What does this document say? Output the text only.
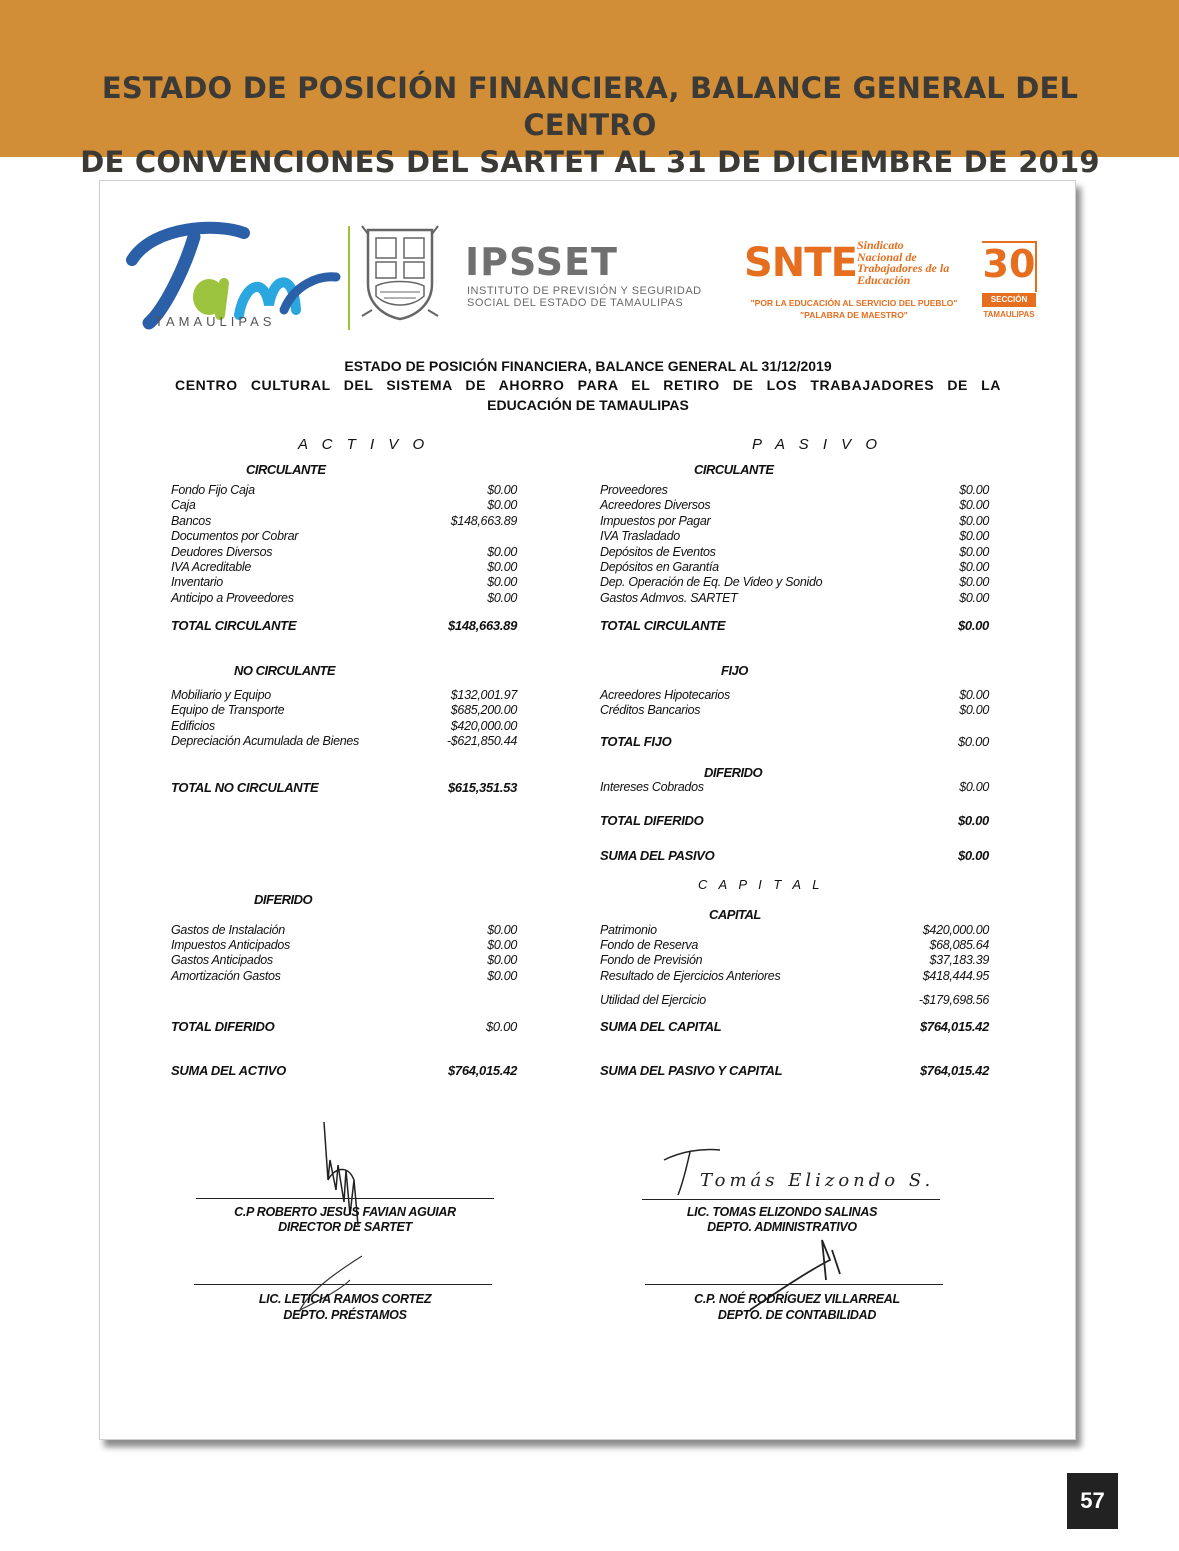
ESTADO DE POSICIÓN FINANCIERA, BALANCE GENERAL DEL CENTRO
DE CONVENCIONES DEL SARTET AL 31 DE DICIEMBRE DE 2019
TAMAULIPAS
IPSSET
INSTITUTO DE PREVISIÓN Y SEGURIDAD
SOCIAL DEL ESTADO DE TAMAULIPAS
SNTE Sindicato
Nacional de
Trabajadores de la
Educación
"POR LA EDUCACIÓN AL SERVICIO DEL PUEBLO"
"PALABRA DE MAESTRO"
30
SECCIÓN
TAMAULIPAS
ESTADO DE POSICIÓN FINANCIERA, BALANCE GENERAL AL 31/12/2019
CENTRO CULTURAL DEL SISTEMA DE AHORRO PARA EL RETIRO DE LOS TRABAJADORES DE LA
EDUCACIÓN DE TAMAULIPAS
A C T I V O
CIRCULANTE
Fondo Fijo Caja	$0.00
Caja	$0.00
Bancos	$148,663.89
Documentos por Cobrar
Deudores Diversos	$0.00
IVA Acreditable	$0.00
Inventario	$0.00
Anticipo a Proveedores	$0.00
TOTAL CIRCULANTE	$148,663.89
NO CIRCULANTE
Mobiliario y Equipo	$132,001.97
Equipo de Transporte	$685,200.00
Edificios	$420,000.00
Depreciación Acumulada de Bienes	-$621,850.44
TOTAL NO CIRCULANTE	$615,351.53
DIFERIDO
Gastos de Instalación	$0.00
Impuestos Anticipados	$0.00
Gastos Anticipados	$0.00
Amortización Gastos	$0.00
TOTAL DIFERIDO	$0.00
SUMA DEL ACTIVO	$764,015.42
P A S I V O
CIRCULANTE
Proveedores	$0.00
Acreedores Diversos	$0.00
Impuestos por Pagar	$0.00
IVA Trasladado	$0.00
Depósitos de Eventos	$0.00
Depósitos en Garantía	$0.00
Dep. Operación de Eq. De Video y Sonido	$0.00
Gastos Admvos. SARTET	$0.00
TOTAL CIRCULANTE	$0.00
FIJO
Acreedores Hipotecarios	$0.00
Créditos Bancarios	$0.00
TOTAL FIJO	$0.00
DIFERIDO
Intereses Cobrados	$0.00
TOTAL DIFERIDO	$0.00
SUMA DEL PASIVO	$0.00
C A P I T A L
CAPITAL
Patrimonio	$420,000.00
Fondo de Reserva	$68,085.64
Fondo de Previsión	$37,183.39
Resultado de Ejercicios Anteriores	$418,444.95
Utilidad del Ejercicio	-$179,698.56
SUMA DEL CAPITAL	$764,015.42
SUMA DEL PASIVO Y CAPITAL	$764,015.42
C.P ROBERTO JESUS FAVIAN AGUIAR
DIRECTOR DE SARTET
Tomás Elizondo S.
LIC. TOMAS ELIZONDO SALINAS
DEPTO. ADMINISTRATIVO
LIC. LETICIA RAMOS CORTEZ
DEPTO. PRÉSTAMOS
C.P. NOÉ RODRÍGUEZ VILLARREAL
DEPTO. DE CONTABILIDAD
57
